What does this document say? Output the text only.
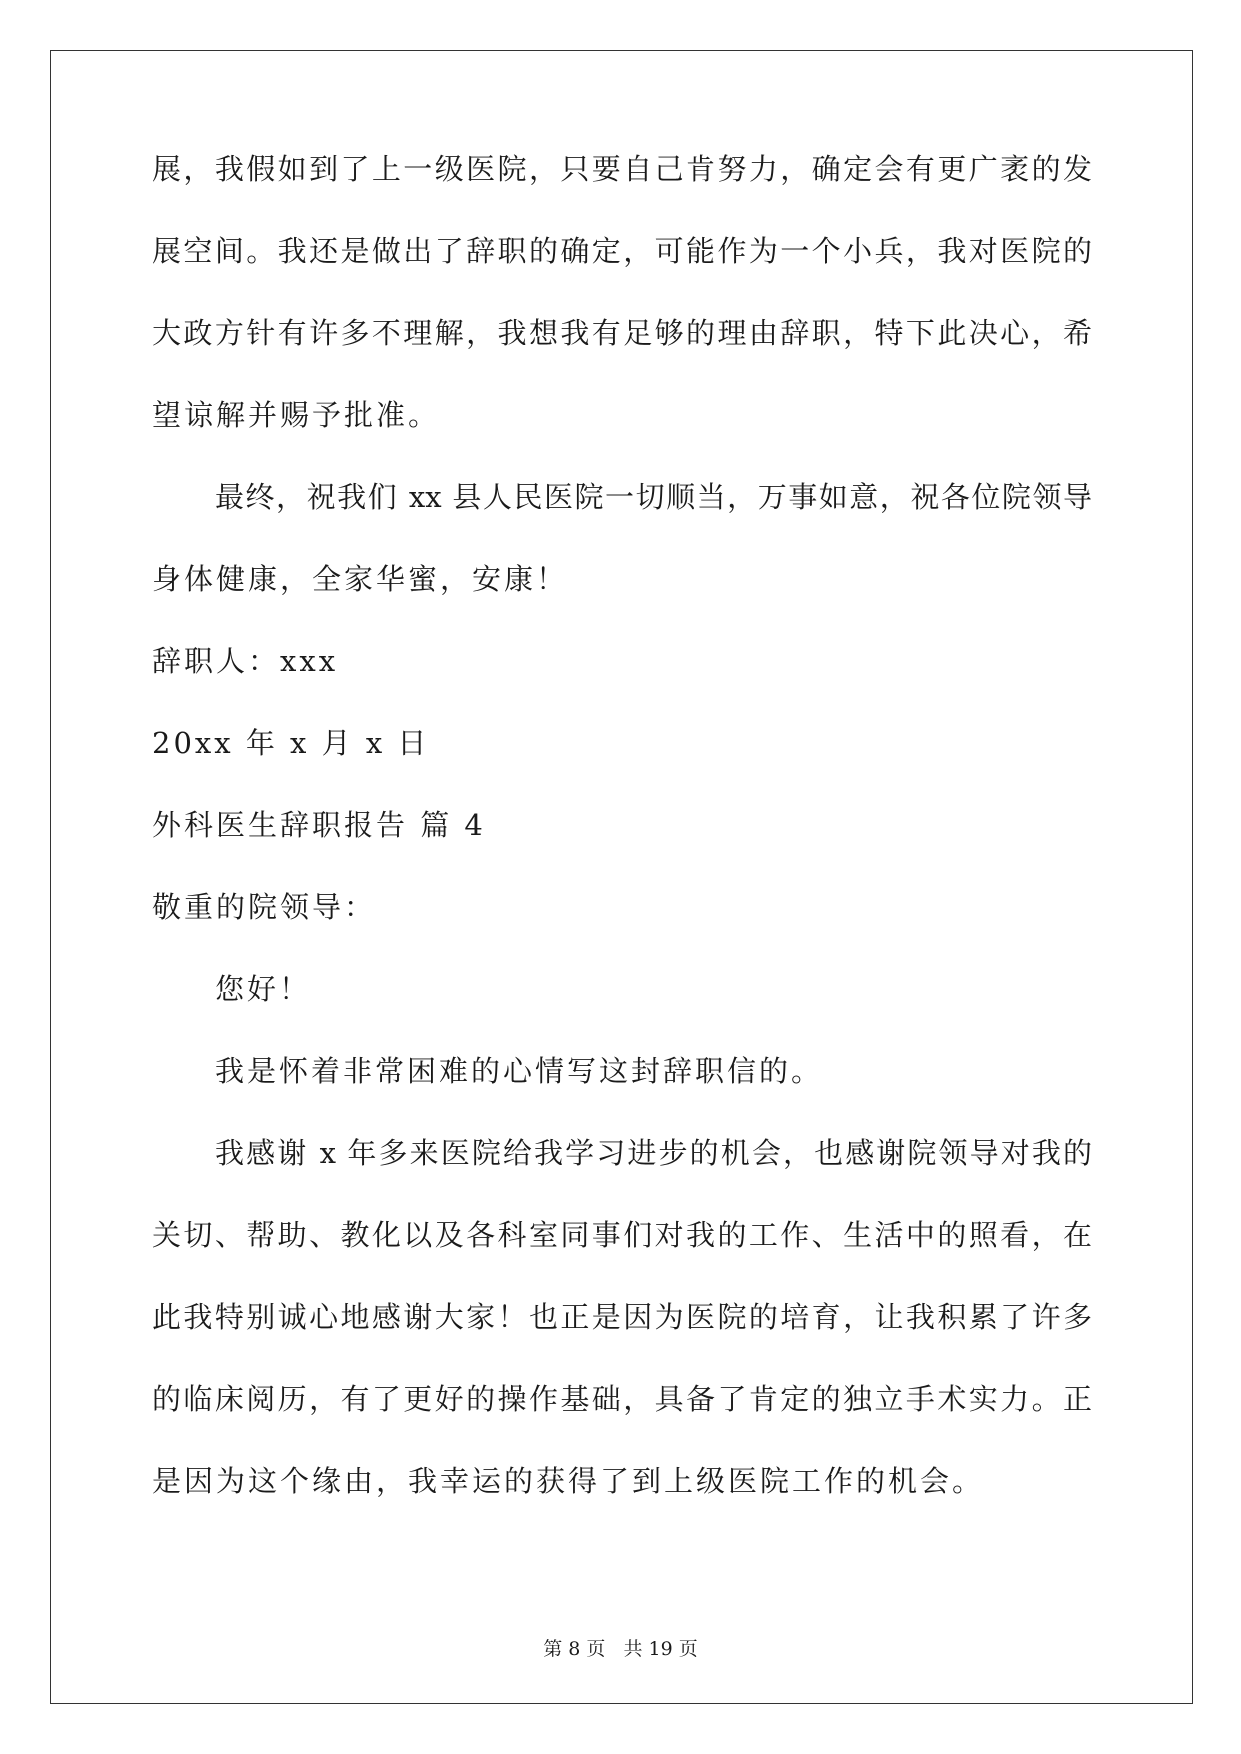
展，我假如到了上一级医院，只要自己肯努力，确定会有更广袤的发
展空间。我还是做出了辞职的确定，可能作为一个小兵，我对医院的
大政方针有许多不理解，我想我有足够的理由辞职，特下此决心，希
望谅解并赐予批准。
最终，祝我们 xx 县人民医院一切顺当，万事如意，祝各位院领导
身体健康，全家华蜜，安康！
辞职人：xxx
20xx 年 x 月 x 日
外科医生辞职报告 篇 4
敬重的院领导：
您好！
我是怀着非常困难的心情写这封辞职信的。
我感谢 x 年多来医院给我学习进步的机会，也感谢院领导对我的
关切、帮助、教化以及各科室同事们对我的工作、生活中的照看，在
此我特别诚心地感谢大家！也正是因为医院的培育，让我积累了许多
的临床阅历，有了更好的操作基础，具备了肯定的独立手术实力。正
是因为这个缘由，我幸运的获得了到上级医院工作的机会。
第 8 页 共 19 页
